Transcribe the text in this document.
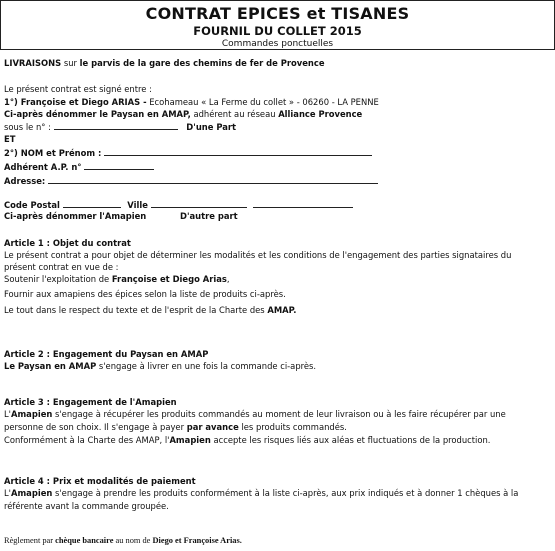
CONTRAT EPICES et TISANES
FOURNIL DU COLLET 2015
Commandes ponctuelles
LIVRAISONS sur le parvis de la gare des chemins de fer de Provence
Le présent contrat est signé entre :
1°) Françoise et Diego ARIAS - Ecohameau « La Ferme du collet » - 06260 - LA PENNE
Ci-après dénommer le Paysan en AMAP, adhérent au réseau Alliance Provence
sous le n° :	D'une Part
ET
2°) NOM et Prénom :
Adhérent A.P. n°
Adresse:
Code Postal	Ville
Ci-après dénommer l'Amapien	D'autre part
Article 1 : Objet du contrat
Le présent contrat a pour objet de déterminer les modalités et les conditions de l'engagement des parties signataires du
présent contrat en vue de :
Soutenir l'exploitation de Françoise et Diego Arias,
Fournir aux amapiens des épices selon la liste de produits ci-après.
Le tout dans le respect du texte et de l'esprit de la Charte des AMAP.
Article 2 : Engagement du Paysan en AMAP
Le Paysan en AMAP s'engage à livrer en une fois la commande ci-après.
Article 3 : Engagement de l'Amapien
L'Amapien s'engage à récupérer les produits commandés au moment de leur livraison ou à les faire récupérer par une
personne de son choix. Il s'engage à payer par avance les produits commandés.
Conformément à la Charte des AMAP, l'Amapien accepte les risques liés aux aléas et fluctuations de la production.
Article 4 : Prix et modalités de paiement
L'Amapien s'engage à prendre les produits conformément à la liste ci-après, aux prix indiqués et à donner 1 chèques à la
référente avant la commande groupée.
Règlement par chèque bancaire au nom de Diego et Françoise Arias.
